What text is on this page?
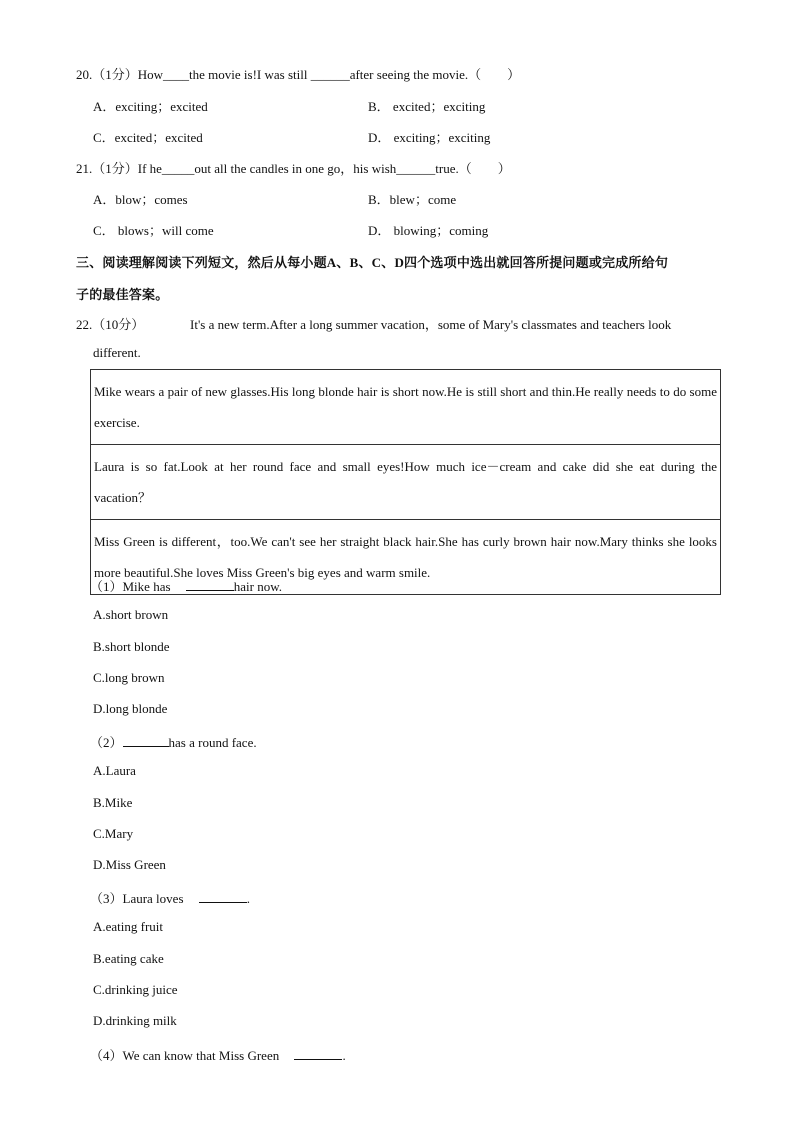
20.（1分）How____the movie is!I was still ______after seeing the movie.（　　）
A．exciting；excited	B． excited；exciting
C．excited；excited	D． exciting；exciting
21.（1分）If he_____out all the candles in one go，his wish______true.（　　）
A．blow；comes	B．blew；come
C． blows；will come	D． blowing；coming
三、阅读理解阅读下列短文，然后从每小题A、B、C、D四个选项中选出就回答所提问题或完成所给句
子的最佳答案。
22.（10分）	It's a new term.After a long summer vacation，some of Mary's classmates and teachers look
different.
Mike wears a pair of new glasses.His long blonde hair is short now.He is still short and thin.He really needs to do some exercise.
Laura is so fat.Look at her round face and small eyes!How much ice－cream and cake did she eat during the vacation？
Miss Green is different，too.We can't see her straight black hair.She has curly brown hair now.Mary thinks she looks more beautiful.She loves Miss Green's big eyes and warm smile.
（1）Mike has	hair now.
A.short brown
B.short blonde
C.long brown
D.long blonde
（2）	has a round face.
A.Laura
B.Mike
C.Mary
D.Miss Green
（3）Laura loves	.
A.eating fruit
B.eating cake
C.drinking juice
D.drinking milk
（4）We can know that Miss Green	.
